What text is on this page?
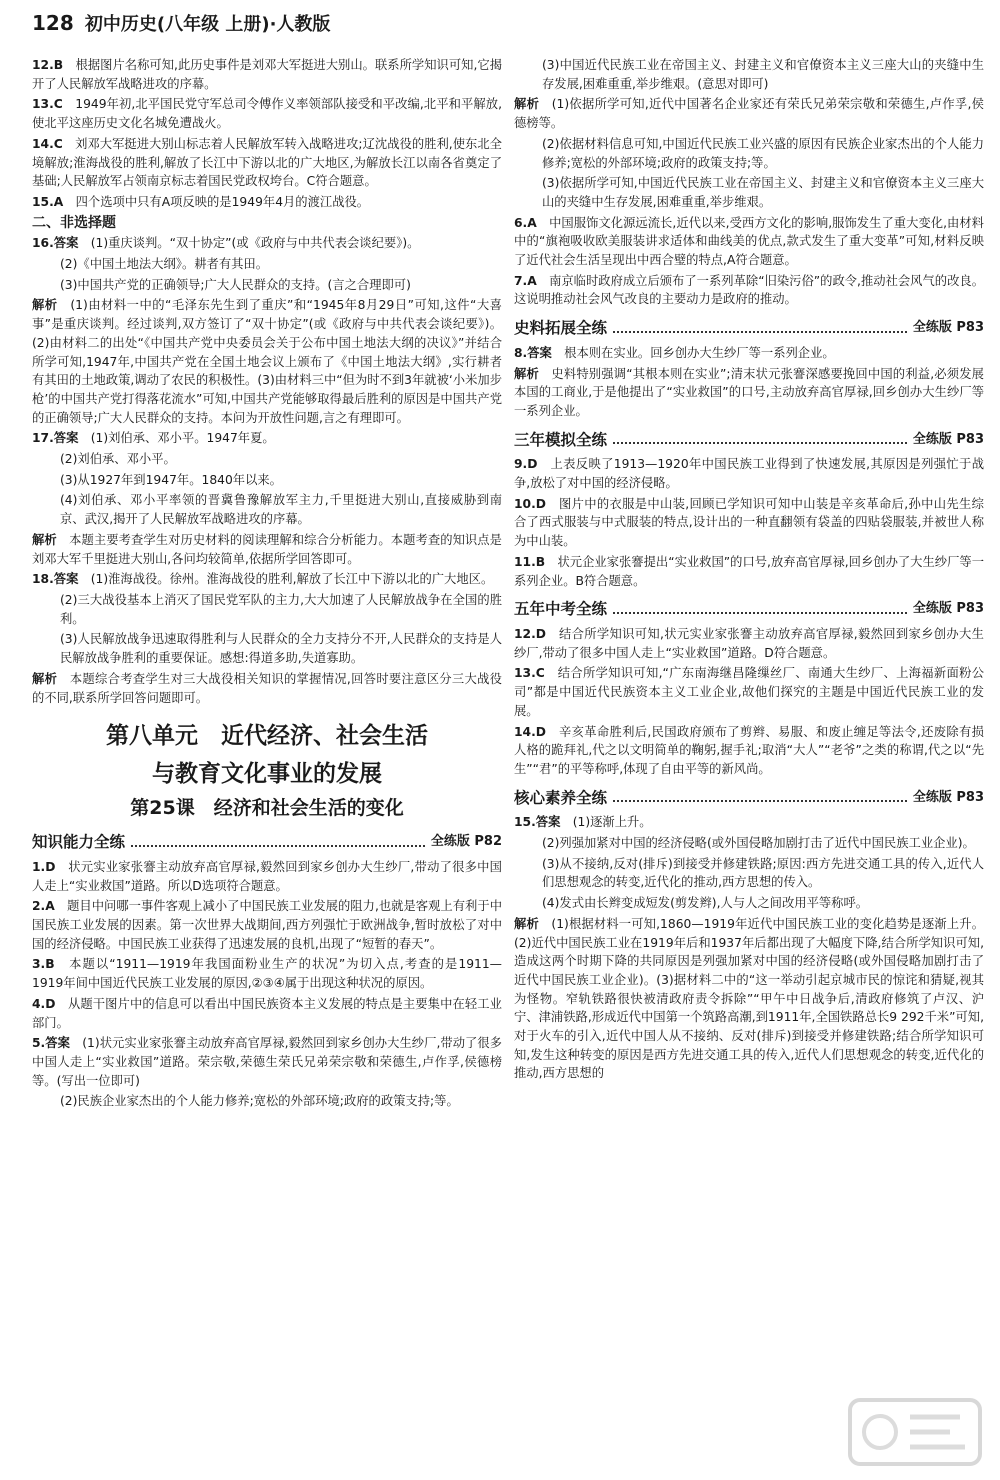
128 初中历史(八年级 上册)·人教版

12.B　 根据图片名称可知,此历史事件是刘邓大军挺进大别山。联系所学知识可知,它揭开了人民解放军战略进攻的序幕。

13.C　 1949年初,北平国民党守军总司令傅作义率领部队接受和平改编,北平和平解放,使北平这座历史文化名城免遭战火。

14.C　 刘邓大军挺进大别山标志着人民解放军转入战略进攻;辽沈战役的胜利,使东北全境解放;淮海战役的胜利,解放了长江中下游以北的广大地区,为解放长江以南各省奠定了基础;人民解放军占领南京标志着国民党政权垮台。C符合题意。

15.A　 四个选项中只有A项反映的是1949年4月的渡江战役。

二、非选择题

16.答案　 (1)重庆谈判。“双十协定”(或《政府与中共代表会谈纪要》)。

(2)《中国土地法大纲》。耕者有其田。

(3)中国共产党的正确领导;广大人民群众的支持。(言之合理即可)

解析　 (1)由材料一中的“毛泽东先生到了重庆”和“1945年8月29日”可知,这件“大喜事”是重庆谈判。经过谈判,双方签订了“双十协定”(或《政府与中共代表会谈纪要》)。(2)由材料二的出处“《中国共产党中央委员会关于公布中国土地法大纲的决议》”并结合所学可知,1947年,中国共产党在全国土地会议上颁布了《中国土地法大纲》,实行耕者有其田的土地政策,调动了农民的积极性。(3)由材料三中“但为时不到3年就被‘小米加步枪’的中国共产党打得落花流水”可知,中国共产党能够取得最后胜利的原因是中国共产党的正确领导;广大人民群众的支持。本问为开放性问题,言之有理即可。

17.答案　 (1)刘伯承、邓小平。1947年夏。

(2)刘伯承、邓小平。

(3)从1927年到1947年。1840年以来。

(4)刘伯承、邓小平率领的晋冀鲁豫解放军主力,千里挺进大别山,直接威胁到南京、武汉,揭开了人民解放军战略进攻的序幕。

解析　 本题主要考查学生对历史材料的阅读理解和综合分析能力。本题考查的知识点是刘邓大军千里挺进大别山,各问均较简单,依据所学回答即可。

18.答案　 (1)淮海战役。徐州。淮海战役的胜利,解放了长江中下游以北的广大地区。

(2)三大战役基本上消灭了国民党军队的主力,大大加速了人民解放战争在全国的胜利。

(3)人民解放战争迅速取得胜利与人民群众的全力支持分不开,人民群众的支持是人民解放战争胜利的重要保证。感想:得道多助,失道寡助。

解析　 本题综合考查学生对三大战役相关知识的掌握情况,回答时要注意区分三大战役的不同,联系所学回答问题即可。

第八单元　近代经济、社会生活
与教育文化事业的发展
第25课　经济和社会生活的变化
知识能力全练	全练版 P82

1.D　 状元实业家张謇主动放弃高官厚禄,毅然回到家乡创办大生纱厂,带动了很多中国人走上“实业救国”道路。所以D选项符合题意。

2.A　 题目中问哪一事件客观上减小了中国民族工业发展的阻力,也就是客观上有利于中国民族工业发展的因素。第一次世界大战期间,西方列强忙于欧洲战争,暂时放松了对中国的经济侵略。中国民族工业获得了迅速发展的良机,出现了“短暂的春天”。

3.B　 本题以“1911—1919年我国面粉业生产的状况”为切入点,考查的是1911—1919年间中国近代民族工业发展的原因,②③④属于出现这种状况的原因。

4.D　 从题干图片中的信息可以看出中国民族资本主义发展的特点是主要集中在轻工业部门。

5.答案　 (1)状元实业家张謇主动放弃高官厚禄,毅然回到家乡创办大生纱厂,带动了很多中国人走上“实业救国”道路。荣宗敬,荣德生荣氏兄弟荣宗敬和荣德生,卢作孚,侯德榜等。(写出一位即可)

(2)民族企业家杰出的个人能力修养;宽松的外部环境;政府的政策支持;等。

(3)中国近代民族工业在帝国主义、封建主义和官僚资本主义三座大山的夹缝中生存发展,困难重重,举步维艰。(意思对即可)

解析　 (1)依据所学可知,近代中国著名企业家还有荣氏兄弟荣宗敬和荣德生,卢作孚,侯德榜等。

(2)依据材料信息可知,中国近代民族工业兴盛的原因有民族企业家杰出的个人能力修养;宽松的外部环境;政府的政策支持;等。

(3)依据所学可知,中国近代民族工业在帝国主义、封建主义和官僚资本主义三座大山的夹缝中生存发展,困难重重,举步维艰。

6.A　 中国服饰文化源远流长,近代以来,受西方文化的影响,服饰发生了重大变化,由材料中的“旗袍吸收欧美服装讲求适体和曲线美的优点,款式发生了重大变革”可知,材料反映了近代社会生活呈现出中西合璧的特点,A符合题意。

7.A　 南京临时政府成立后颁布了一系列革除“旧染污俗”的政令,推动社会风气的改良。这说明推动社会风气改良的主要动力是政府的推动。

史料拓展全练	全练版 P83

8.答案　 根本则在实业。回乡创办大生纱厂等一系列企业。

解析　 史料特别强调“其根本则在实业”;清末状元张謇深感要挽回中国的利益,必须发展本国的工商业,于是他提出了“实业救国”的口号,主动放弃高官厚禄,回乡创办大生纱厂等一系列企业。

三年模拟全练	全练版 P83

9.D　 上表反映了1913—1920年中国民族工业得到了快速发展,其原因是列强忙于战争,放松了对中国的经济侵略。

10.D　 图片中的衣服是中山装,回顾已学知识可知中山装是辛亥革命后,孙中山先生综合了西式服装与中式服装的特点,设计出的一种直翻领有袋盖的四贴袋服装,并被世人称为中山装。

11.B　 状元企业家张謇提出“实业救国”的口号,放弃高官厚禄,回乡创办了大生纱厂等一系列企业。B符合题意。

五年中考全练	全练版 P83

12.D　 结合所学知识可知,状元实业家张謇主动放弃高官厚禄,毅然回到家乡创办大生纱厂,带动了很多中国人走上“实业救国”道路。D符合题意。

13.C　 结合所学知识可知,“广东南海继昌隆缫丝厂、南通大生纱厂、上海福新面粉公司”都是中国近代民族资本主义工业企业,故他们探究的主题是中国近代民族工业的发展。

14.D　 辛亥革命胜利后,民国政府颁布了剪辫、易服、和废止缠足等法令,还废除有损人格的跪拜礼,代之以文明简单的鞠躬,握手礼;取消“大人”“老爷”之类的称谓,代之以“先生”“君”的平等称呼,体现了自由平等的新风尚。

核心素养全练	全练版 P83

15.答案　 (1)逐渐上升。

(2)列强加紧对中国的经济侵略(或外国侵略加剧打击了近代中国民族工业企业)。

(3)从不接纳,反对(排斥)到接受并修建铁路;原因:西方先进交通工具的传入,近代人们思想观念的转变,近代化的推动,西方思想的传入。

(4)发式由长辫变成短发(剪发辫),人与人之间改用平等称呼。

解析　 (1)根据材料一可知,1860—1919年近代中国民族工业的变化趋势是逐渐上升。(2)近代中国民族工业在1919年后和1937年后都出现了大幅度下降,结合所学知识可知,造成这两个时期下降的共同原因是列强加紧对中国的经济侵略(或外国侵略加剧打击了近代中国民族工业企业)。(3)据材料二中的“这一举动引起京城市民的惊诧和猜疑,视其为怪物。窄轨铁路很快被清政府责令拆除”“甲午中日战争后,清政府修筑了卢汉、沪宁、津浦铁路,形成近代中国第一个筑路高潮,到1911年,全国铁路总长9 292千米”可知,对于火车的引入,近代中国人从不接纳、反对(排斥)到接受并修建铁路;结合所学知识可知,发生这种转变的原因是西方先进交通工具的传入,近代人们思想观念的转变,近代化的推动,西方思想的
